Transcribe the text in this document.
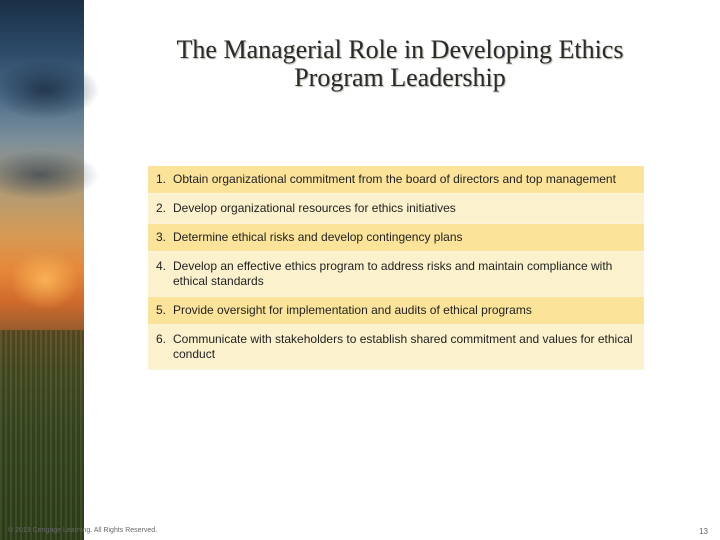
The Managerial Role in Developing Ethics
Program Leadership
1. Obtain organizational commitment from the board of directors and top management
2. Develop organizational resources for ethics initiatives
3. Determine ethical risks and develop contingency plans
4. Develop an effective ethics program to address risks and maintain compliance with ethical standards
5. Provide oversight for implementation and audits of ethical programs
6. Communicate with stakeholders to establish shared commitment and values for ethical conduct
© 2013 Cengage Learning. All Rights Reserved.	13
